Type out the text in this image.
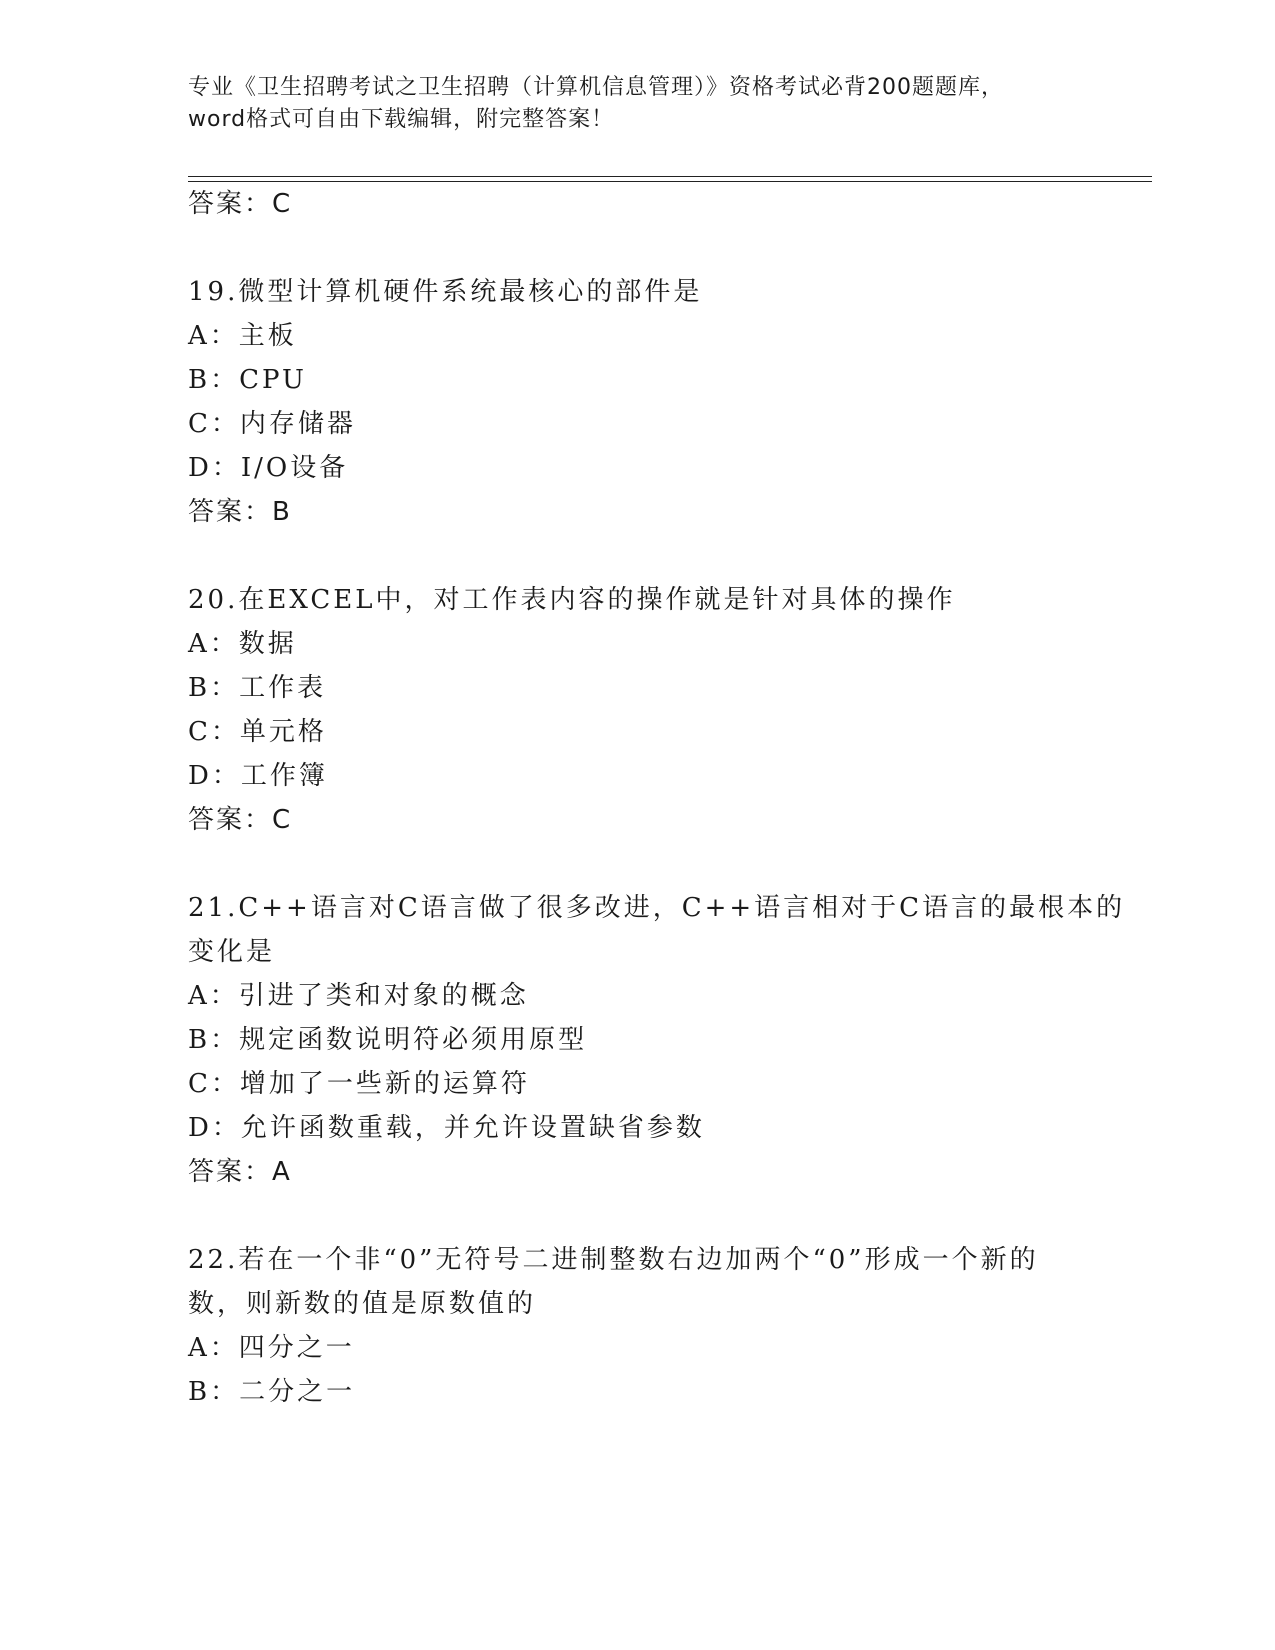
专业《卫生招聘考试之卫生招聘（计算机信息管理）》资格考试必背200题题库，
word格式可自由下载编辑，附完整答案！
答案：C
19.微型计算机硬件系统最核心的部件是
A：主板
B：CPU
C：内存储器
D：I/O设备
答案：B
20.在EXCEL中，对工作表内容的操作就是针对具体的操作
A：数据
B：工作表
C：单元格
D：工作簿
答案：C
21.C++语言对C语言做了很多改进，C++语言相对于C语言的最根本的
变化是
A：引进了类和对象的概念
B：规定函数说明符必须用原型
C：增加了一些新的运算符
D：允许函数重载，并允许设置缺省参数
答案：A
22.若在一个非“0”无符号二进制整数右边加两个“0”形成一个新的
数，则新数的值是原数值的
A：四分之一
B：二分之一
